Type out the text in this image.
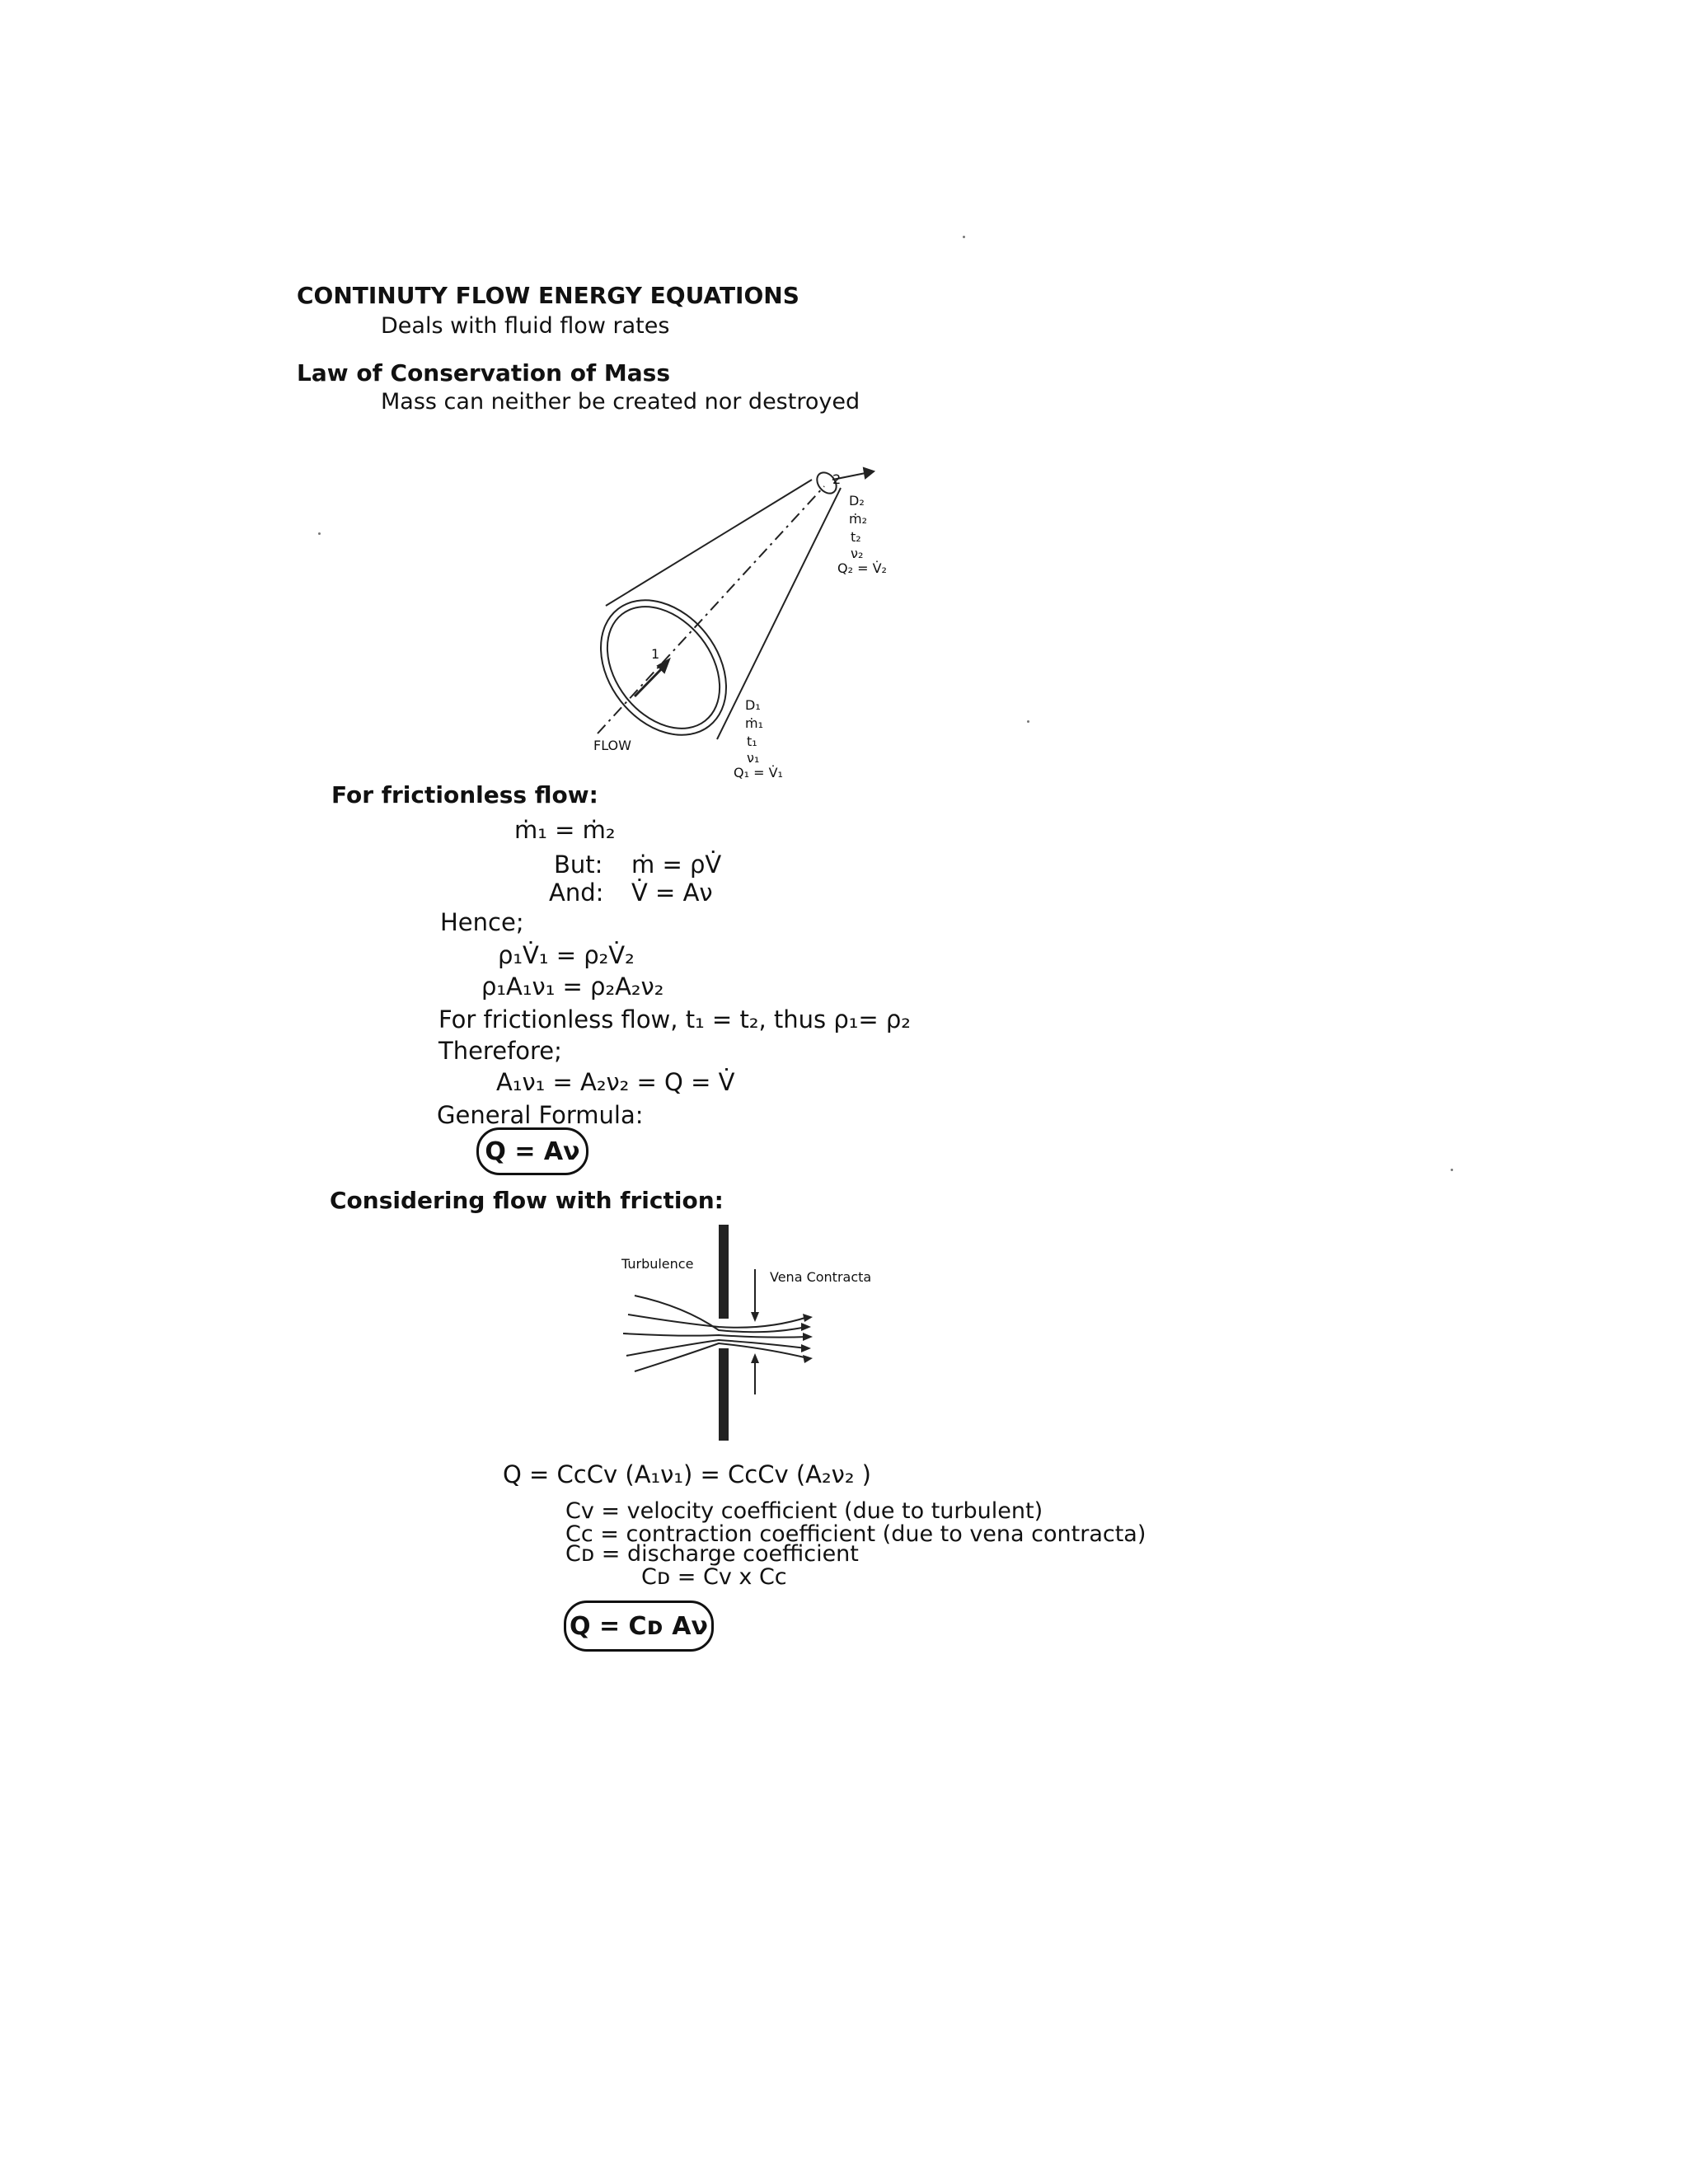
CONTINUTY FLOW ENERGY EQUATIONS
Deals with fluid flow rates
Law of Conservation of Mass
Mass can neither be created nor destroyed
2
1
FLOW
D₂
ṁ₂
t₂
ν₂
Q₂ = V̇₂
D₁
ṁ₁
t₁
ν₁
Q₁ = V̇₁
For frictionless flow:
ṁ₁ = ṁ₂
But: ṁ = ρV̇
And: V̇ = Aν
Hence;
ρ₁V̇₁ = ρ₂V̇₂
ρ₁A₁ν₁ = ρ₂A₂ν₂
For frictionless flow, t₁ = t₂, thus ρ₁= ρ₂
Therefore;
A₁ν₁ = A₂ν₂ = Q = V̇
General Formula:
Q = Aν
Considering flow with friction:
Turbulence
Vena Contracta
Q = CᴄCᴠ (A₁ν₁) = CᴄCᴠ (A₂ν₂ )
Cᴠ = velocity coefficient (due to turbulent)
Cᴄ = contraction coefficient (due to vena contracta)
Cᴅ = discharge coefficient
Cᴅ = Cᴠ x Cᴄ
Q = Cᴅ Aν
